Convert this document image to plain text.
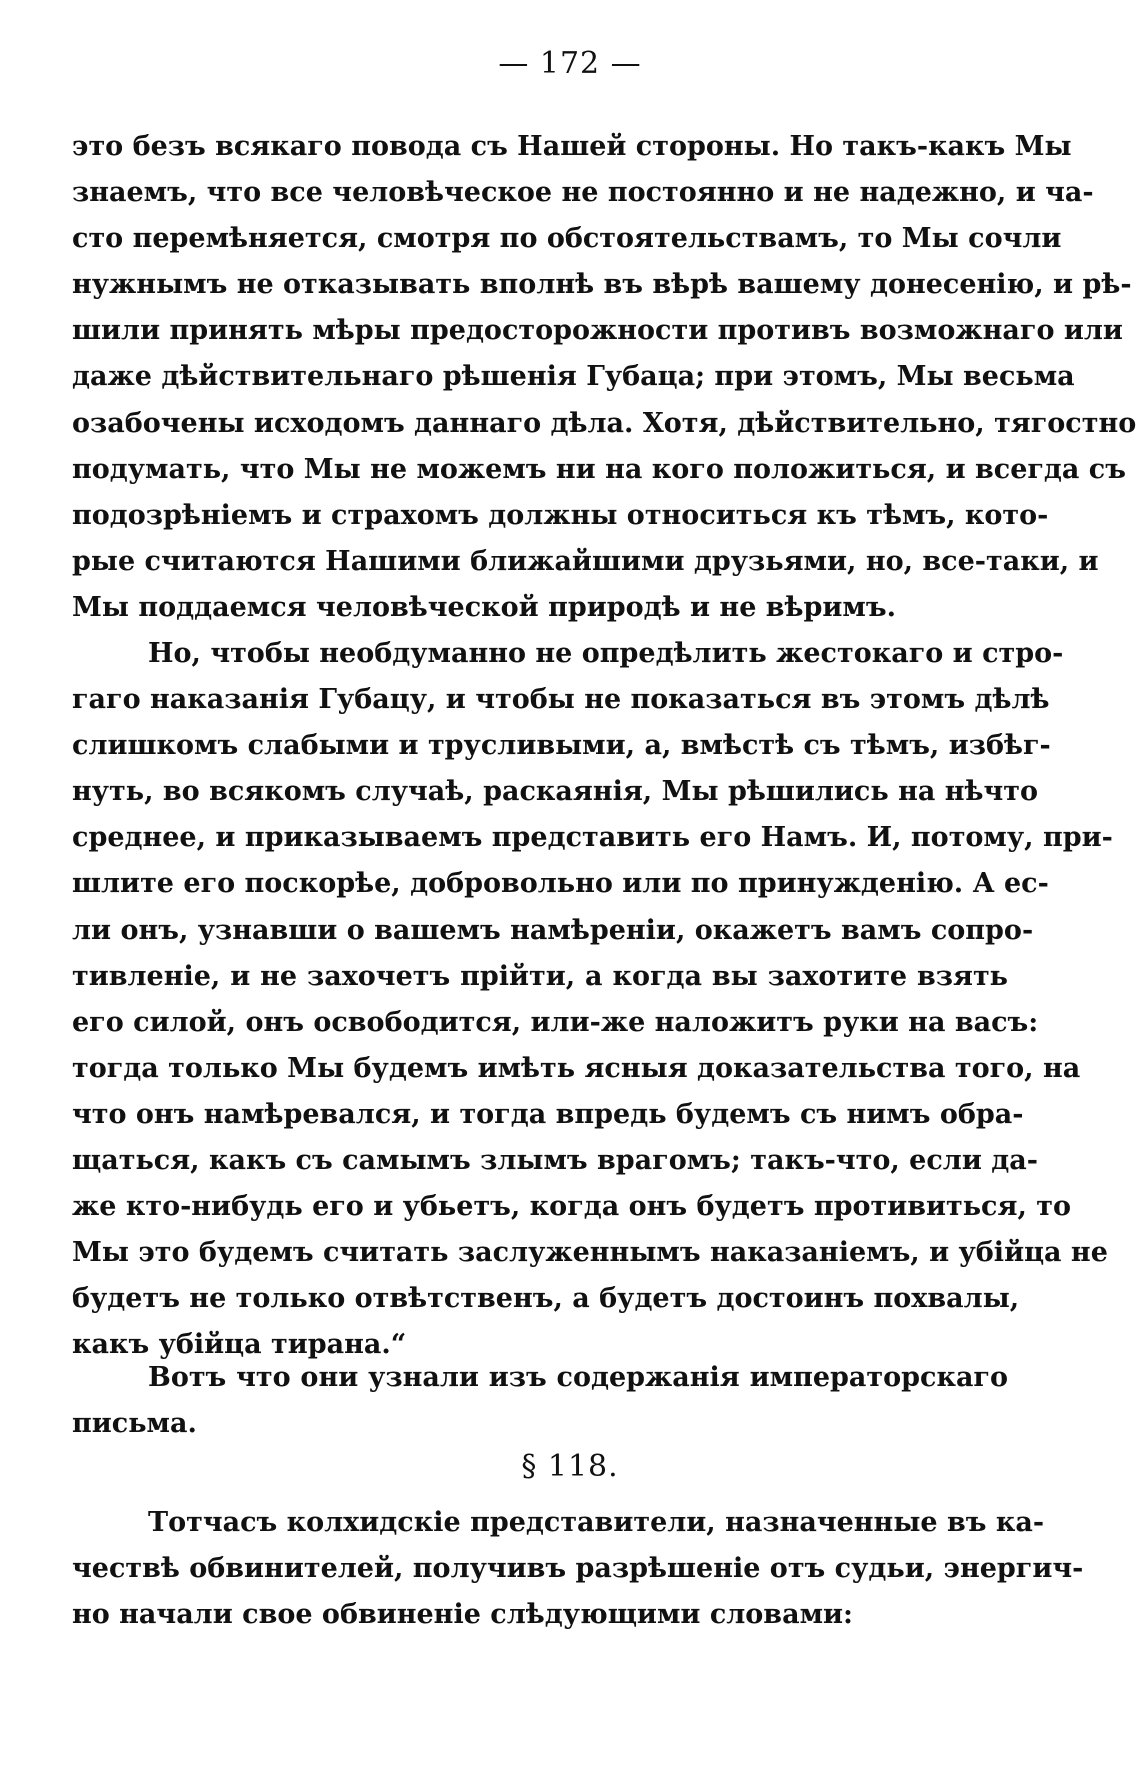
— 172 —
это безъ всякаго повода съ Нашей стороны. Но такъ-какъ Мы
знаемъ, что все человѣческое не постоянно и не надежно, и ча-
сто перемѣняется, смотря по обстоятельствамъ, то Мы сочли
нужнымъ не отказывать вполнѣ въ вѣрѣ вашему донесенію, и рѣ-
шили принять мѣры предосторожности противъ возможнаго или
даже дѣйствительнаго рѣшенія Губаца; при этомъ, Мы весьма
озабочены исходомъ даннаго дѣла. Хотя, дѣйствительно, тягостно
подумать, что Мы не можемъ ни на кого положиться, и всегда съ
подозрѣніемъ и страхомъ должны относиться къ тѣмъ, кото-
рые считаются Нашими ближайшими друзьями, но, все-таки, и
Мы поддаемся человѣческой природѣ и не вѣримъ.
Но, чтобы необдуманно не опредѣлить жестокаго и стро-
гаго наказанія Губацу, и чтобы не показаться въ этомъ дѣлѣ
слишкомъ слабыми и трусливыми, а, вмѣстѣ съ тѣмъ, избѣг-
нуть, во всякомъ случаѣ, раскаянія, Мы рѣшились на нѣчто
среднее, и приказываемъ представить его Намъ. И, потому, при-
шлите его поскорѣе, добровольно или по принужденію. А ес-
ли онъ, узнавши о вашемъ намѣреніи, окажетъ вамъ сопро-
тивленіе, и не захочетъ прійти, а когда вы захотите взять
его силой, онъ освободится, или-же наложитъ руки на васъ:
тогда только Мы будемъ имѣть ясныя доказательства того, на
что онъ намѣревался, и тогда впредь будемъ съ нимъ обра-
щаться, какъ съ самымъ злымъ врагомъ; такъ-что, если да-
же кто-нибудь его и убьетъ, когда онъ будетъ противиться, то
Мы это будемъ считать заслуженнымъ наказаніемъ, и убійца не
будетъ не только отвѣтственъ, а будетъ достоинъ похвалы,
какъ убійца тирана.“
Вотъ что они узнали изъ содержанія императорскаго
письма.
§ 118.
Тотчасъ колхидскіе представители, назначенные въ ка-
чествѣ обвинителей, получивъ разрѣшеніе отъ судьи, энергич-
но начали свое обвиненіе слѣдующими словами:
